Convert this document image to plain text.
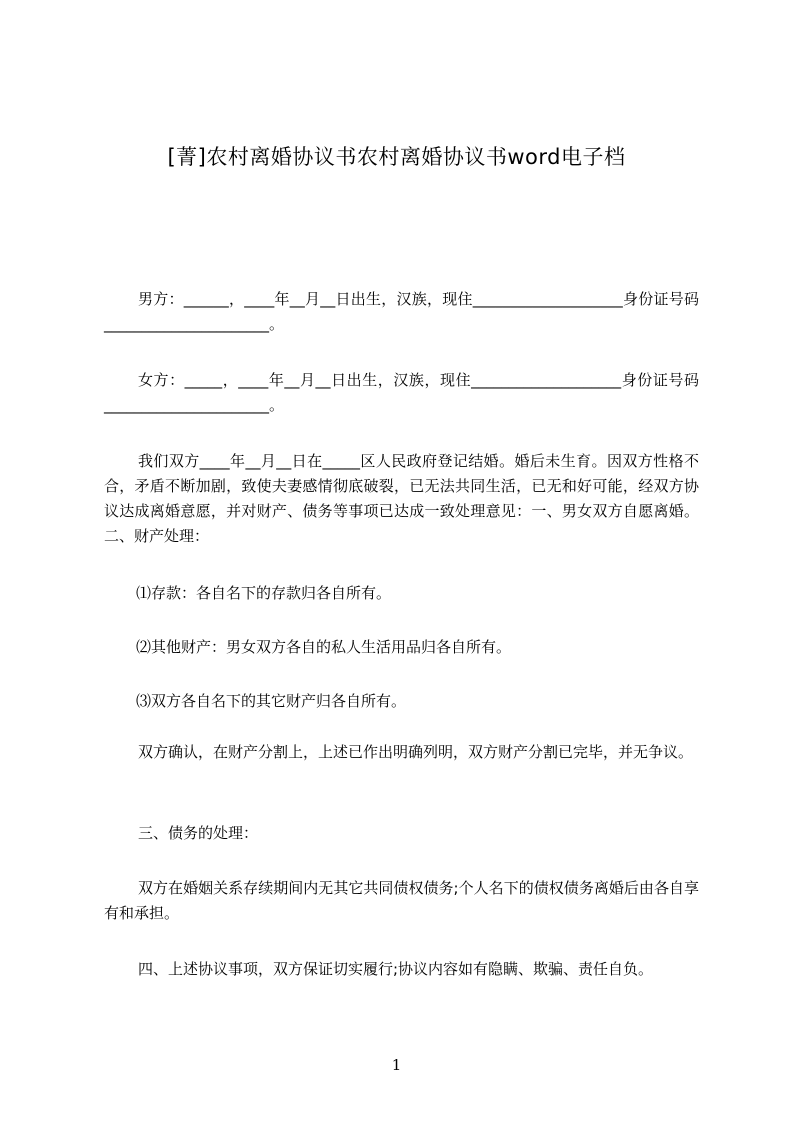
[菁]农村离婚协议书农村离婚协议书word电子档
男方：______，____年__月__日出生，汉族，现住____________________身份证号码______________________。
女方：_____，____年__月__日出生，汉族，现住____________________身份证号码______________________。
我们双方____年__月__日在_____区人民政府登记结婚。婚后未生育。因双方性格不合，矛盾不断加剧，致使夫妻感情彻底破裂，已无法共同生活，已无和好可能，经双方协议达成离婚意愿，并对财产、债务等事项已达成一致处理意见：一、男女双方自愿离婚。二、财产处理：
⑴存款：各自名下的存款归各自所有。
⑵其他财产：男女双方各自的私人生活用品归各自所有。
⑶双方各自名下的其它财产归各自所有。
双方确认，在财产分割上，上述已作出明确列明，双方财产分割已完毕，并无争议。
三、债务的处理：
双方在婚姻关系存续期间内无其它共同债权债务;个人名下的债权债务离婚后由各自享有和承担。
四、上述协议事项，双方保证切实履行;协议内容如有隐瞒、欺骗、责任自负。
1
